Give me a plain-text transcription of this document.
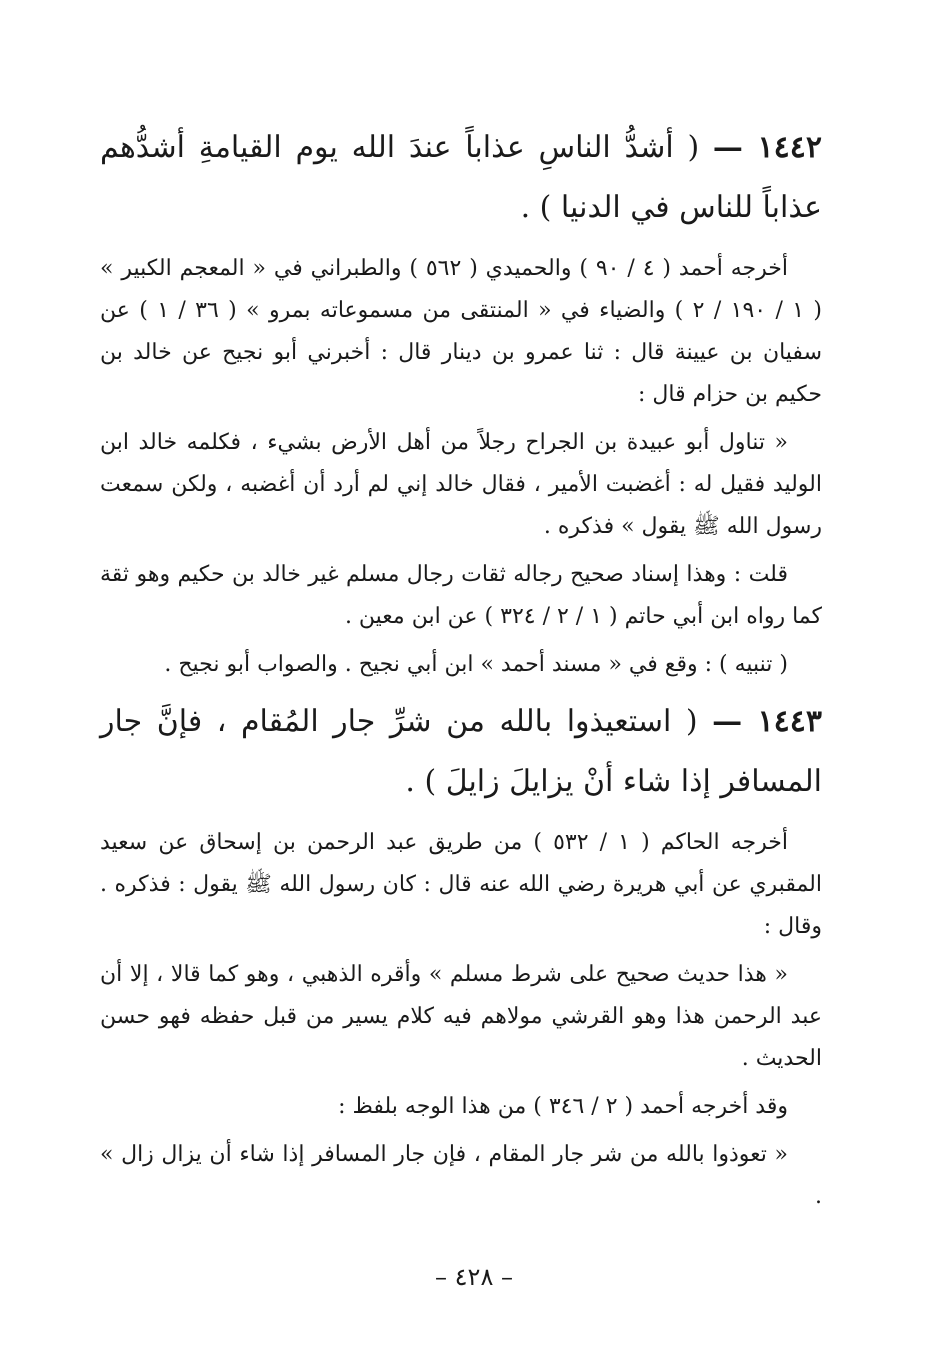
١٤٤٢ — ( أشدُّ الناسِ عذاباً عندَ الله يوم القيامةِ أشدُّهم عذاباً للناس في الدنيا ) .

أخرجه أحمد ( ٤ / ٩٠ ) والحميدي ( ٥٦٢ ) والطبراني في « المعجم الكبير » ( ١ / ١٩٠ / ٢ ) والضياء في « المنتقى من مسموعاته بمرو » ( ٣٦ / ١ ) عن سفيان بن عيينة قال : ثنا عمرو بن دينار قال : أخبرني أبو نجيح عن خالد بن حكيم بن حزام قال :

« تناول أبو عبيدة بن الجراح رجلاً من أهل الأرض بشيء ، فكلمه خالد ابن الوليد فقيل له : أغضبت الأمير ، فقال خالد إني لم أرد أن أغضبه ، ولكن سمعت رسول الله ﷺ يقول » فذكره .

قلت : وهذا إسناد صحيح رجاله ثقات رجال مسلم غير خالد بن حكيم وهو ثقة كما رواه ابن أبي حاتم ( ١ / ٢ / ٣٢٤ ) عن ابن معين .

( تنبيه ) : وقع في « مسند أحمد » ابن أبي نجيح . والصواب أبو نجيح .

١٤٤٣ — ( استعيذوا بالله من شرِّ جار المُقام ، فإنَّ جار المسافر إذا شاء أنْ يزايلَ زايلَ ) .

أخرجه الحاكم ( ١ / ٥٣٢ ) من طريق عبد الرحمن بن إسحاق عن سعيد المقبري عن أبي هريرة رضي الله عنه قال : كان رسول الله ﷺ يقول : فذكره . وقال :

« هذا حديث صحيح على شرط مسلم » وأقره الذهبي ، وهو كما قالا ، إلا أن عبد الرحمن هذا وهو القرشي مولاهم فيه كلام يسير من قبل حفظه فهو حسن الحديث .

وقد أخرجه أحمد ( ٢ / ٣٤٦ ) من هذا الوجه بلفظ :

« تعوذوا بالله من شر جار المقام ، فإن جار المسافر إذا شاء أن يزال زال » .

– ٤٢٨ –
